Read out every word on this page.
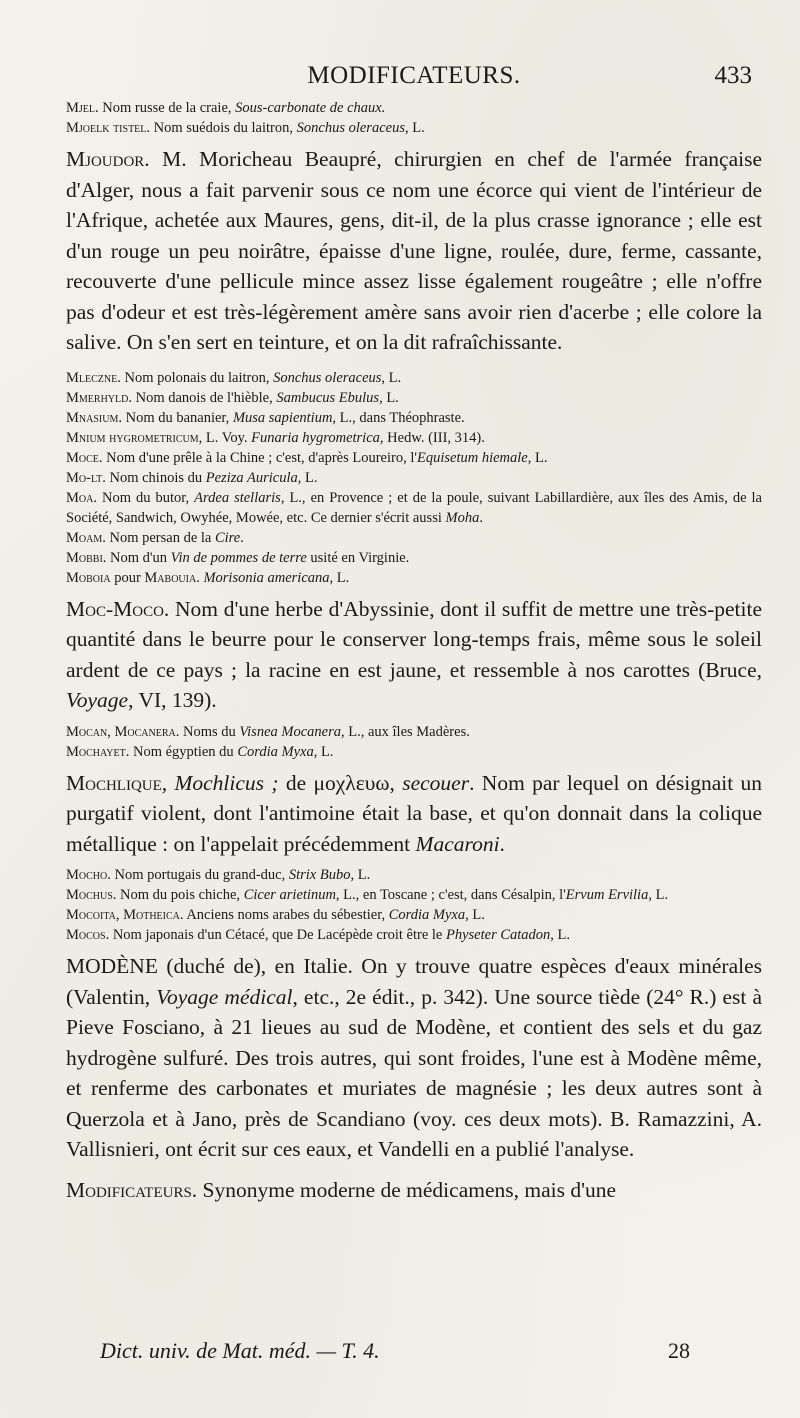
MODIFICATEURS.	433

Mjel. Nom russe de la craie, Sous-carbonate de chaux.

Mjoelk tistel. Nom suédois du laitron, Sonchus oleraceus, L.

Mjoudor. M. Moricheau Beaupré, chirurgien en chef de l'armée française d'Alger, nous a fait parvenir sous ce nom une écorce qui vient de l'intérieur de l'Afrique, achetée aux Maures, gens, dit-il, de la plus crasse ignorance ; elle est d'un rouge un peu noirâtre, épaisse d'une ligne, roulée, dure, ferme, cassante, recouverte d'une pellicule mince assez lisse également rougeâtre ; elle n'offre pas d'odeur et est très-légèrement amère sans avoir rien d'acerbe ; elle colore la salive. On s'en sert en teinture, et on la dit rafraîchissante.

Mleczne. Nom polonais du laitron, Sonchus oleraceus, L.

Mmerhyld. Nom danois de l'hièble, Sambucus Ebulus, L.

Mnasium. Nom du bananier, Musa sapientium, L., dans Théophraste.

Mnium hygrometricum, L. Voy. Funaria hygrometrica, Hedw. (III, 314).

Moce. Nom d'une prêle à la Chine ; c'est, d'après Loureiro, l'Equisetum hiemale, L.

Mo-lt. Nom chinois du Peziza Auricula, L.

Moa. Nom du butor, Ardea stellaris, L., en Provence ; et de la poule, suivant Labillardière, aux îles des Amis, de la Société, Sandwich, Owyhée, Mowée, etc. Ce dernier s'écrit aussi Moha.

Moam. Nom persan de la Cire.

Mobbi. Nom d'un Vin de pommes de terre usité en Virginie.

Moboia pour Mabouia. Morisonia americana, L.

Moc-Moco. Nom d'une herbe d'Abyssinie, dont il suffit de mettre une très-petite quantité dans le beurre pour le conserver long-temps frais, même sous le soleil ardent de ce pays ; la racine en est jaune, et ressemble à nos carottes (Bruce, Voyage, VI, 139).

Mocan, Mocanera. Noms du Visnea Mocanera, L., aux îles Madères.

Mochayet. Nom égyptien du Cordia Myxa, L.

Mochlique, Mochlicus ; de μοχλευω, secouer. Nom par lequel on désignait un purgatif violent, dont l'antimoine était la base, et qu'on donnait dans la colique métallique : on l'appelait précédemment Macaroni.

Mocho. Nom portugais du grand-duc, Strix Bubo, L.

Mochus. Nom du pois chiche, Cicer arietinum, L., en Toscane ; c'est, dans Césalpin, l'Ervum Ervilia, L.

Mocoita, Motheica. Anciens noms arabes du sébestier, Cordia Myxa, L.

Mocos. Nom japonais d'un Cétacé, que De Lacépède croit être le Physeter Catadon, L.

MODÈNE (duché de), en Italie. On y trouve quatre espèces d'eaux minérales (Valentin, Voyage médical, etc., 2e édit., p. 342). Une source tiède (24° R.) est à Pieve Fosciano, à 21 lieues au sud de Modène, et contient des sels et du gaz hydrogène sulfuré. Des trois autres, qui sont froides, l'une est à Modène même, et renferme des carbonates et muriates de magnésie ; les deux autres sont à Querzola et à Jano, près de Scandiano (voy. ces deux mots). B. Ramazzini, A. Vallisnieri, ont écrit sur ces eaux, et Vandelli en a publié l'analyse.

Modificateurs. Synonyme moderne de médicamens, mais d'une

Dict. univ. de Mat. méd. — T. 4.	28
